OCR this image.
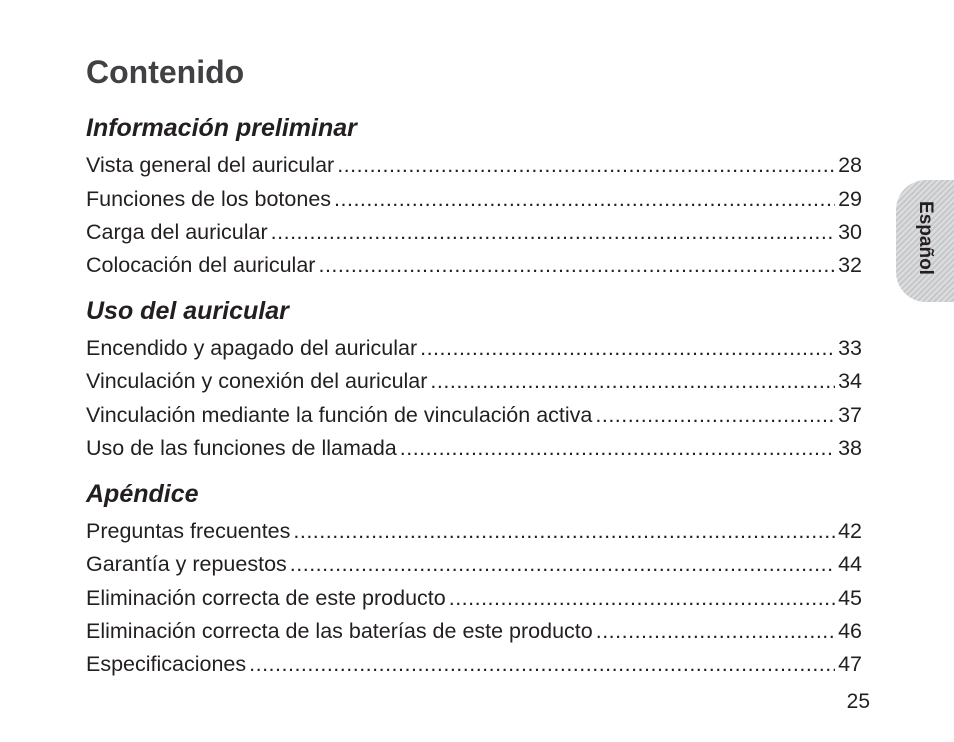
Contenido
Información preliminar
Vista general del auricular .....	28
Funciones de los botones .....	29
Carga del auricular .....	30
Colocación del auricular .....	32
Uso del auricular
Encendido y apagado del auricular .....	33
Vinculación y conexión del auricular .....	34
Vinculación mediante la función de vinculación activa .....	37
Uso de las funciones de llamada .....	38
Apéndice
Preguntas frecuentes .....	42
Garantía y repuestos .....	44
Eliminación correcta de este producto .....	45
Eliminación correcta de las baterías de este producto .....	46
Especificaciones .....	47
Español
25
